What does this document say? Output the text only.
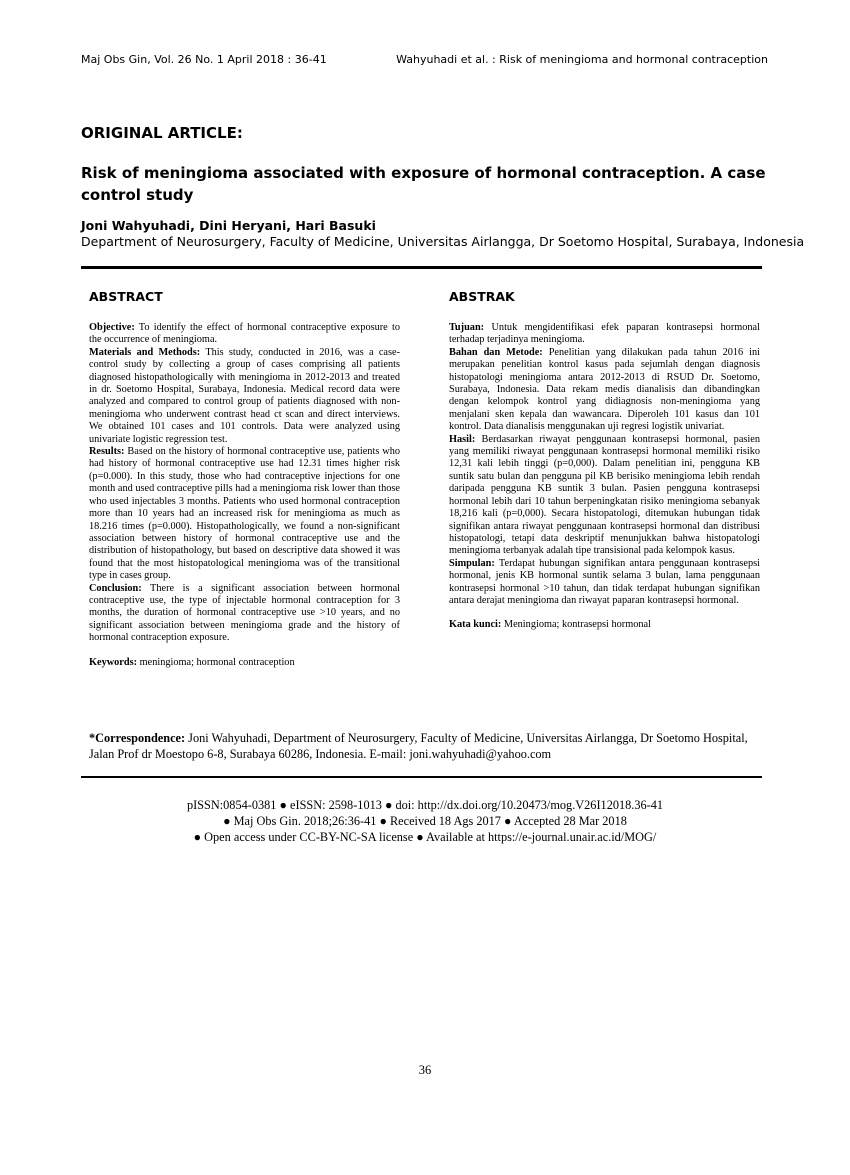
Maj Obs Gin, Vol. 26 No. 1 April 2018 : 36-41	Wahyuhadi et al. : Risk of meningioma and hormonal contraception
ORIGINAL ARTICLE:
Risk of meningioma associated with exposure of hormonal contraception. A case control study
Joni Wahyuhadi, Dini Heryani, Hari Basuki
Department of Neurosurgery, Faculty of Medicine, Universitas Airlangga, Dr Soetomo Hospital, Surabaya, Indonesia
ABSTRACT

Objective: To identify the effect of hormonal contraceptive exposure to the occurrence of meningioma.

Materials and Methods: This study, conducted in 2016, was a case-control study by collecting a group of cases comprising all patients diagnosed histopathologically with meningioma in 2012-2013 and treated in dr. Soetomo Hospital, Surabaya, Indonesia. Medical record data were analyzed and compared to control group of patients diagnosed with non-meningioma who underwent contrast head ct scan and direct interviews. We obtained 101 cases and 101 controls. Data were analyzed using univariate logistic regression test.

Results: Based on the history of hormonal contraceptive use, patients who had history of hormonal contraceptive use had 12.31 times higher risk (p=0.000). In this study, those who had contraceptive injections for one month and used contraceptive pills had a meningioma risk lower than those who used injectables 3 months. Patients who used hormonal contraception more than 10 years had an increased risk for meningioma as much as 18.216 times (p=0.000). Histopathologically, we found a non-significant association between history of hormonal contraceptive use and the distribution of histopathology, but based on descriptive data showed it was found that the most histopatological meningioma was of the transitional type in cases group.

Conclusion: There is a significant association between hormonal contraceptive use, the type of injectable hormonal contraception for 3 months, the duration of hormonal contraceptive use >10 years, and no significant association between meningioma grade and the history of hormonal contraception exposure.

Keywords: meningioma; hormonal contraception
ABSTRAK

Tujuan: Untuk mengidentifikasi efek paparan kontrasepsi hormonal terhadap terjadinya meningioma.

Bahan dan Metode: Penelitian yang dilakukan pada tahun 2016 ini merupakan penelitian kontrol kasus pada sejumlah dengan diagnosis histopatologi meningioma antara 2012-2013 di RSUD Dr. Soetomo, Surabaya, Indonesia. Data rekam medis dianalisis dan dibandingkan dengan kelompok kontrol yang didiagnosis non-meningioma yang menjalani sken kepala dan wawancara. Diperoleh 101 kasus dan 101 kontrol. Data dianalisis menggunakan uji regresi logistik univariat.

Hasil: Berdasarkan riwayat penggunaan kontrasepsi hormonal, pasien yang memiliki riwayat penggunaan kontrasepsi hormonal memiliki risiko 12,31 kali lebih tinggi (p=0,000). Dalam penelitian ini, pengguna KB suntik satu bulan dan pengguna pil KB berisiko meningioma lebih rendah daripada pengguna KB suntik 3 bulan. Pasien pengguna kontrasepsi hormonal lebih dari 10 tahun berpeningkatan risiko meningioma sebanyak 18,216 kali (p=0,000). Secara histopatologi, ditemukan hubungan tidak signifikan antara riwayat penggunaan kontrasepsi hormonal dan distribusi histopatologi, tetapi data deskriptif menunjukkan bahwa histopatologi meningioma terbanyak adalah tipe transisional pada kelompok kasus.

Simpulan: Terdapat hubungan signifikan antara penggunaan kontrasepsi hormonal, jenis KB hormonal suntik selama 3 bulan, lama penggunaan kontrasepsi hormonal >10 tahun, dan tidak terdapat hubungan signifikan antara derajat meningioma dan riwayat paparan kontrasepsi hormonal.

Kata kunci: Meningioma; kontrasepsi hormonal
*Correspondence: Joni Wahyuhadi, Department of Neurosurgery, Faculty of Medicine, Universitas Airlangga, Dr Soetomo Hospital, Jalan Prof dr Moestopo 6-8, Surabaya 60286, Indonesia. E-mail: joni.wahyuhadi@yahoo.com
pISSN:0854-0381 ● eISSN: 2598-1013 ● doi: http://dx.doi.org/10.20473/mog.V26I12018.36-41
● Maj Obs Gin. 2018;26:36-41 ● Received 18 Ags 2017 ● Accepted 28 Mar 2018
● Open access under CC-BY-NC-SA license ● Available at https://e-journal.unair.ac.id/MOG/
36
